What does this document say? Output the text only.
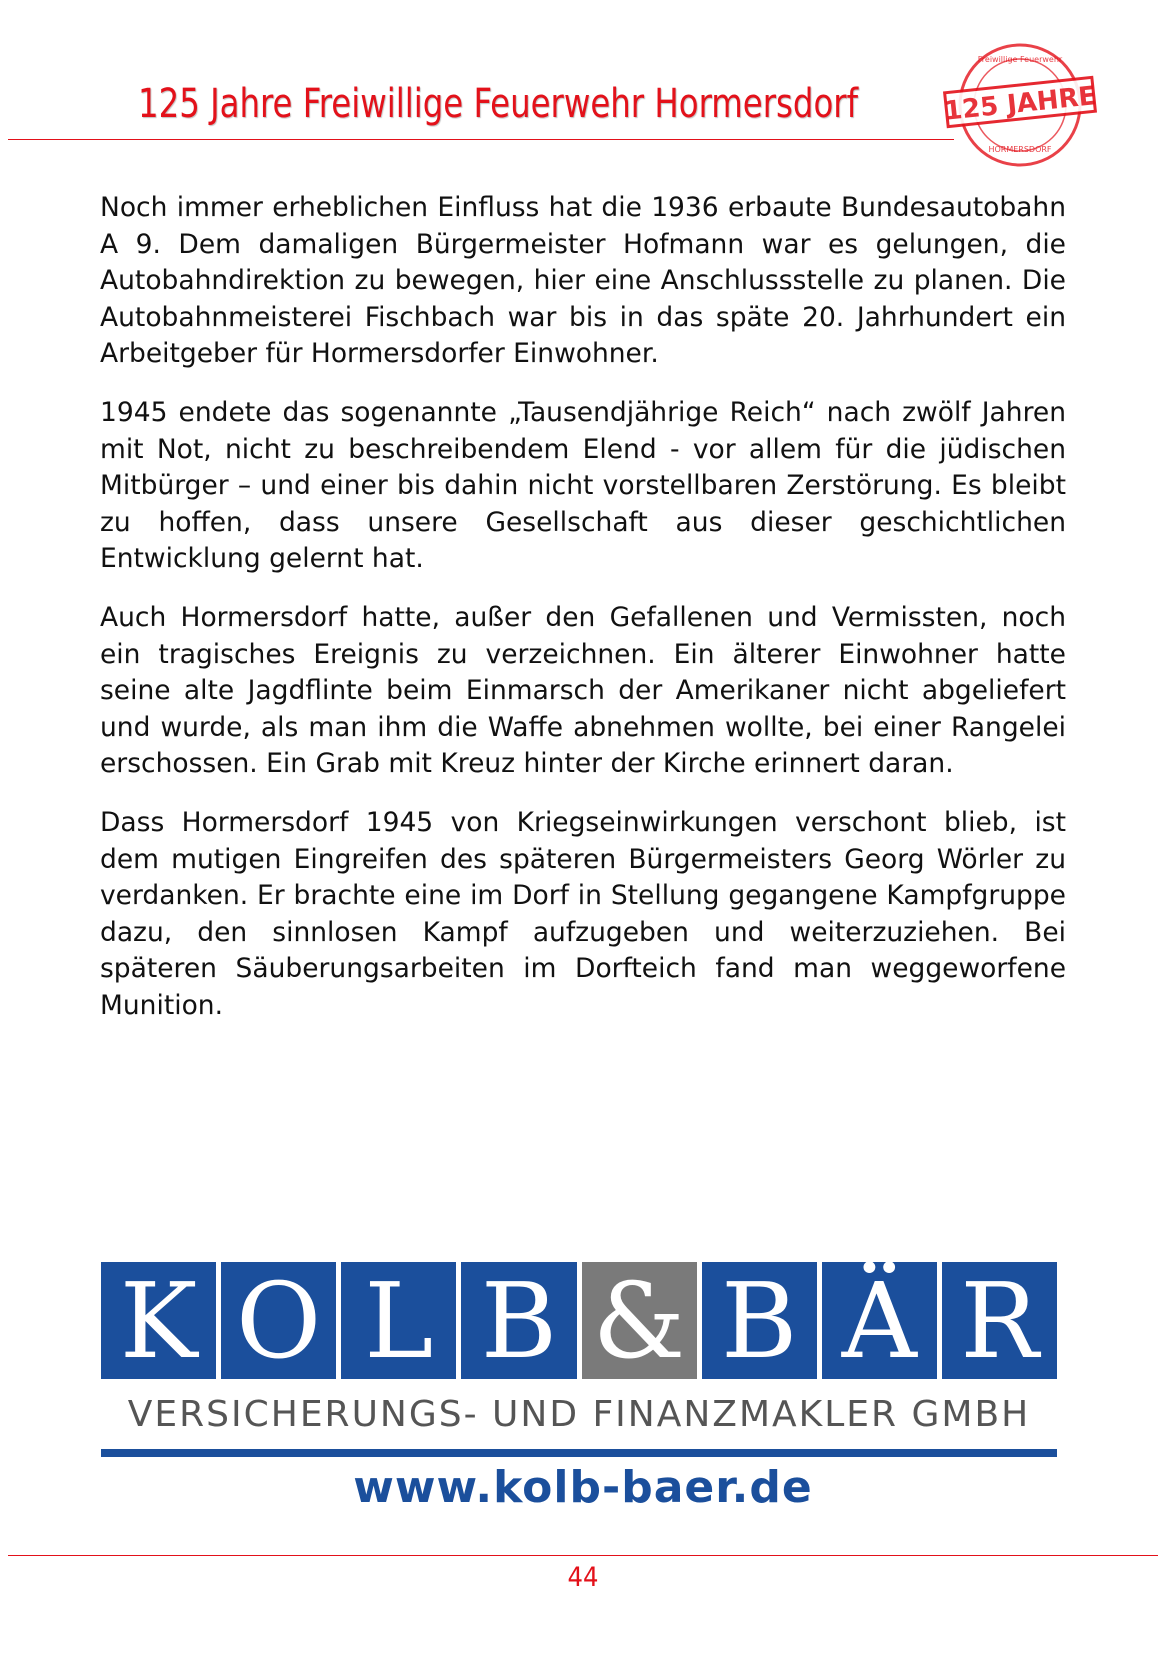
125 Jahre Freiwillige Feuerwehr Hormersdorf
Freiwillige Feuerwehr
125 JAHRE
HORMERSDORF

Noch immer erheblichen Einfluss hat die 1936 erbaute Bundesautobahn A 9. Dem damaligen Bürgermeister Hofmann war es gelungen, die Autobahndirektion zu bewegen, hier eine Anschlussstelle zu planen. Die Autobahnmeisterei Fischbach war bis in das späte 20. Jahrhundert ein Arbeitgeber für Hormersdorfer Einwohner.

1945 endete das sogenannte „Tausendjährige Reich“ nach zwölf Jahren mit Not, nicht zu beschreibendem Elend - vor allem für die jüdischen Mitbürger – und einer bis dahin nicht vorstellbaren Zerstörung. Es bleibt zu hoffen, dass unsere Gesellschaft aus dieser geschichtlichen Entwicklung gelernt hat.

Auch Hormersdorf hatte, außer den Gefallenen und Vermissten, noch ein tragisches Ereignis zu verzeichnen. Ein älterer Einwohner hatte seine alte Jagdflinte beim Einmarsch der Amerikaner nicht abgeliefert und wurde, als man ihm die Waffe abnehmen wollte, bei einer Rangelei erschossen. Ein Grab mit Kreuz hinter der Kirche erinnert daran.

Dass Hormersdorf 1945 von Kriegseinwirkungen verschont blieb, ist dem mutigen Eingreifen des späteren Bürgermeisters Georg Wörler zu verdanken. Er brachte eine im Dorf in Stellung gegangene Kampfgruppe dazu, den sinnlosen Kampf aufzugeben und weiterzuziehen. Bei späteren Säuberungsarbeiten im Dorfteich fand man weggeworfene Munition.

K O L B & B Ä R
VERSICHERUNGS- UND FINANZMAKLER GMBH
www.kolb-baer.de
44
